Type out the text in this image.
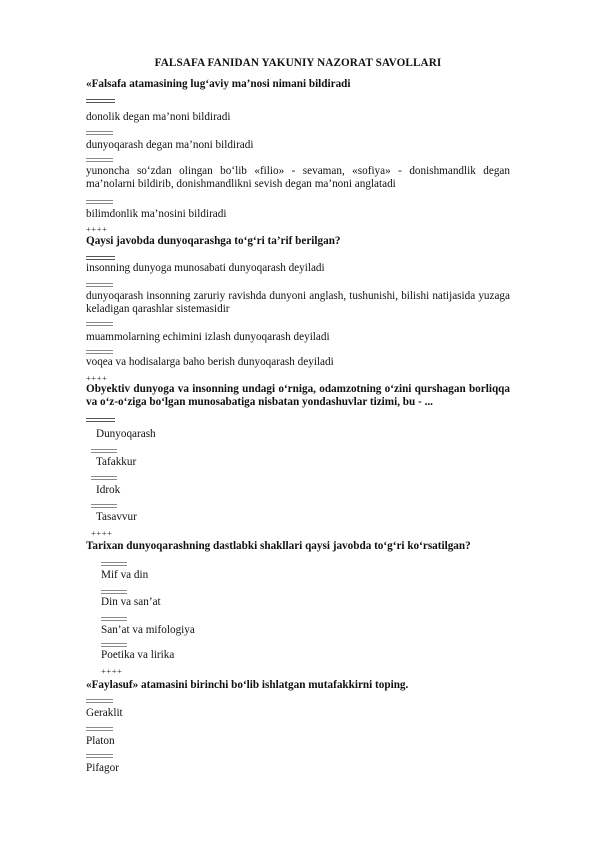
FALSAFA FANIDAN YAKUNIY NAZORAT SAVOLLARI
«Falsafa atamasining lug‘aviy ma’nosi nimani bildiradi
donolik degan ma’noni bildiradi
dunyoqarash degan ma’noni bildiradi
yunoncha so‘zdan olingan bo‘lib «filio» - sevaman, «sofiya» - donishmandlik degan ma’nolarni bildirib, donishmandlikni sevish degan ma’noni anglatadi
bilimdonlik ma’nosini bildiradi
++++
Qaysi javobda dunyoqarashga to‘g‘ri ta’rif berilgan?
insonning dunyoga munosabati dunyoqarash deyiladi
dunyoqarash insonning zaruriy ravishda dunyoni anglash, tushunishi, bilishi natijasida yuzaga keladigan qarashlar sistemasidir
muammolarning echimini izlash dunyoqarash deyiladi
voqea va hodisalarga baho berish dunyoqarash deyiladi
++++
Obyektiv dunyoga va insonning undagi o‘rniga, odamzotning o‘zini qurshagan borliqqa va o‘z-o‘ziga bo‘lgan munosabatiga nisbatan yondashuvlar tizimi, bu - ...
Dunyoqarash
Tafakkur
Idrok
Tasavvur
++++
Tarixan dunyoqarashning dastlabki shakllari qaysi javobda to‘g‘ri ko‘rsatilgan?
Mif va din
Din va san’at
San’at va mifologiya
Poetika va lirika
++++
«Faylasuf» atamasini birinchi bo‘lib ishlatgan mutafakkirni toping.
Geraklit
Platon
Pifagor
